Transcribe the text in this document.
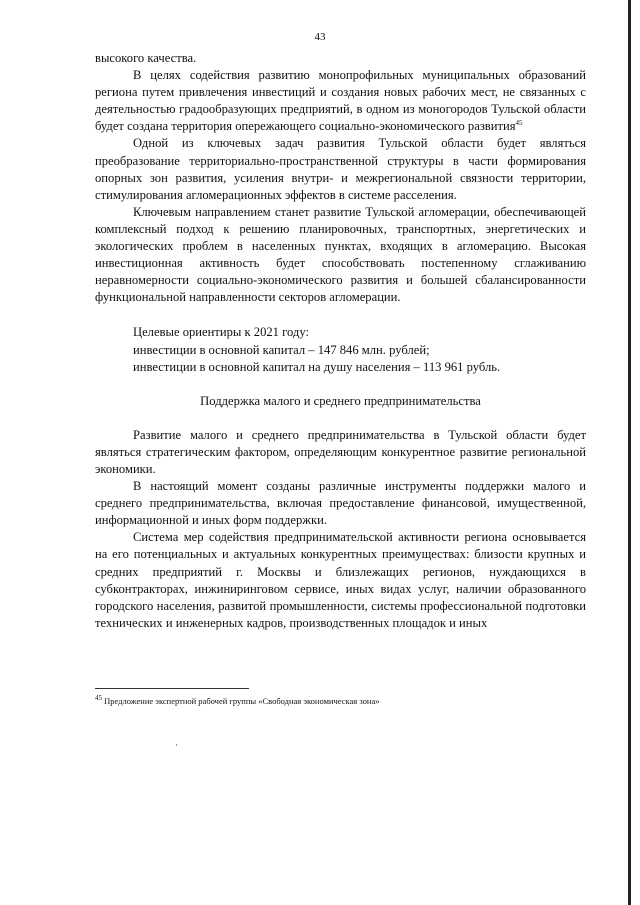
43

высокого качества.

В целях содействия развитию монопрофильных муниципальных образований региона путем привлечения инвестиций и создания новых рабочих мест, не связанных с деятельностью градообразующих предприятий, в одном из моногородов Тульской области будет создана территория опережающего социально-экономического развития$^{45}$

Одной из ключевых задач развития Тульской области будет являться преобразование территориально-пространственной структуры в части формирования опорных зон развития, усиления внутри- и межрегиональной связности территории, стимулирования агломерационных эффектов в системе расселения.

Ключевым направлением станет развитие Тульской агломерации, обеспечивающей комплексный подход к решению планировочных, транспортных, энергетических и экологических проблем в населенных пунктах, входящих в агломерацию. Высокая инвестиционная активность будет способствовать постепенному сглаживанию неравномерности социально-экономического развития и большей сбалансированности функциональной направленности секторов агломерации.

Целевые ориентиры к 2021 году:
инвестиции в основной капитал – 147 846 млн. рублей;
инвестиции в основной капитал на душу населения – 113 961 рубль.

Поддержка малого и среднего предпринимательства

Развитие малого и среднего предпринимательства в Тульской области будет являться стратегическим фактором, определяющим конкурентное развитие региональной экономики.

В настоящий момент созданы различные инструменты поддержки малого и среднего предпринимательства, включая предоставление финансовой, имущественной, информационной и иных форм поддержки.

Система мер содействия предпринимательской активности региона основывается на его потенциальных и актуальных конкурентных преимуществах: близости крупных и средних предприятий г. Москвы и близлежащих регионов, нуждающихся в субконтракторах, инжиниринговом сервисе, иных видах услуг, наличии образованного городского населения, развитой промышленности, системы профессиональной подготовки технических и инженерных кадров, производственных площадок и иных

$^{45}$ Предложение экспертной рабочей группы «Свободная экономическая зона»
